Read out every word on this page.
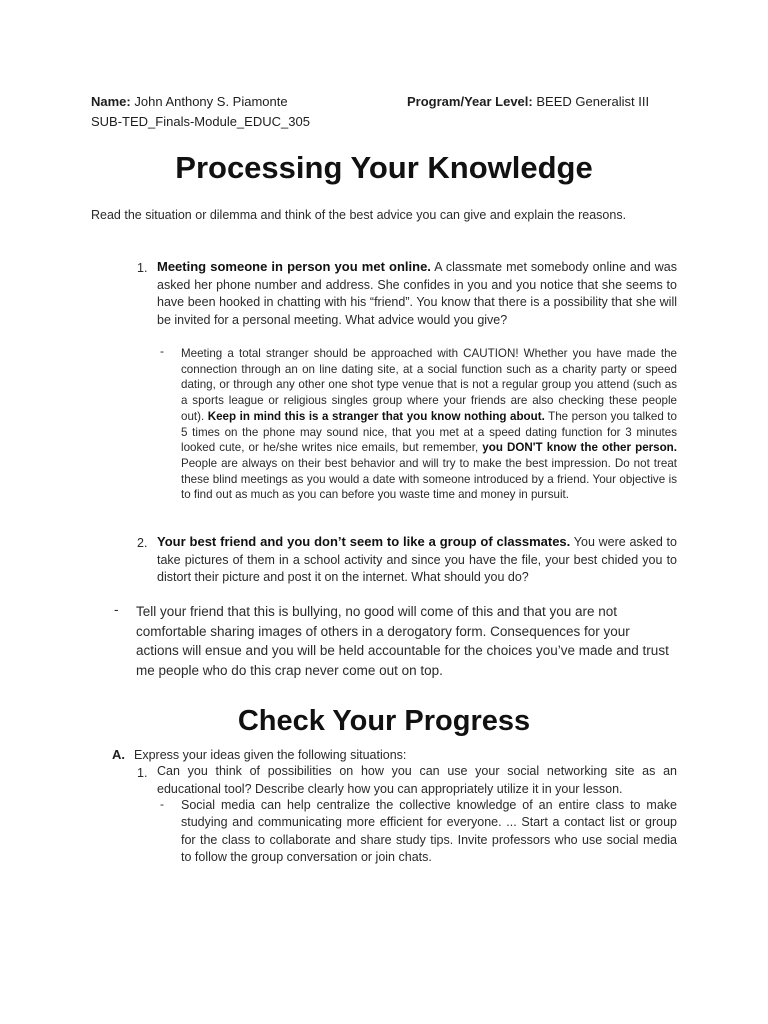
Name: John Anthony S. Piamonte
SUB-TED_Finals-Module_EDUC_305
Program/Year Level: BEED Generalist III
Processing Your Knowledge
Read the situation or dilemma and think of the best advice you can give and explain the reasons.
1. Meeting someone in person you met online. A classmate met somebody online and was asked her phone number and address. She confides in you and you notice that she seems to have been hooked in chatting with his “friend”. You know that there is a possibility that she will be invited for a personal meeting. What advice would you give?
- Meeting a total stranger should be approached with CAUTION! Whether you have made the connection through an on line dating site, at a social function such as a charity party or speed dating, or through any other one shot type venue that is not a regular group you attend (such as a sports league or religious singles group where your friends are also checking these people out). Keep in mind this is a stranger that you know nothing about. The person you talked to 5 times on the phone may sound nice, that you met at a speed dating function for 3 minutes looked cute, or he/she writes nice emails, but remember, you DON'T know the other person. People are always on their best behavior and will try to make the best impression. Do not treat these blind meetings as you would a date with someone introduced by a friend. Your objective is to find out as much as you can before you waste time and money in pursuit.
2. Your best friend and you don’t seem to like a group of classmates. You were asked to take pictures of them in a school activity and since you have the file, your best chided you to distort their picture and post it on the internet. What should you do?
- Tell your friend that this is bullying, no good will come of this and that you are not comfortable sharing images of others in a derogatory form. Consequences for your actions will ensue and you will be held accountable for the choices you’ve made and trust me people who do this crap never come out on top.
Check Your Progress
A. Express your ideas given the following situations:
1. Can you think of possibilities on how you can use your social networking site as an educational tool? Describe clearly how you can appropriately utilize it in your lesson.
- Social media can help centralize the collective knowledge of an entire class to make studying and communicating more efficient for everyone. ... Start a contact list or group for the class to collaborate and share study tips. Invite professors who use social media to follow the group conversation or join chats.
